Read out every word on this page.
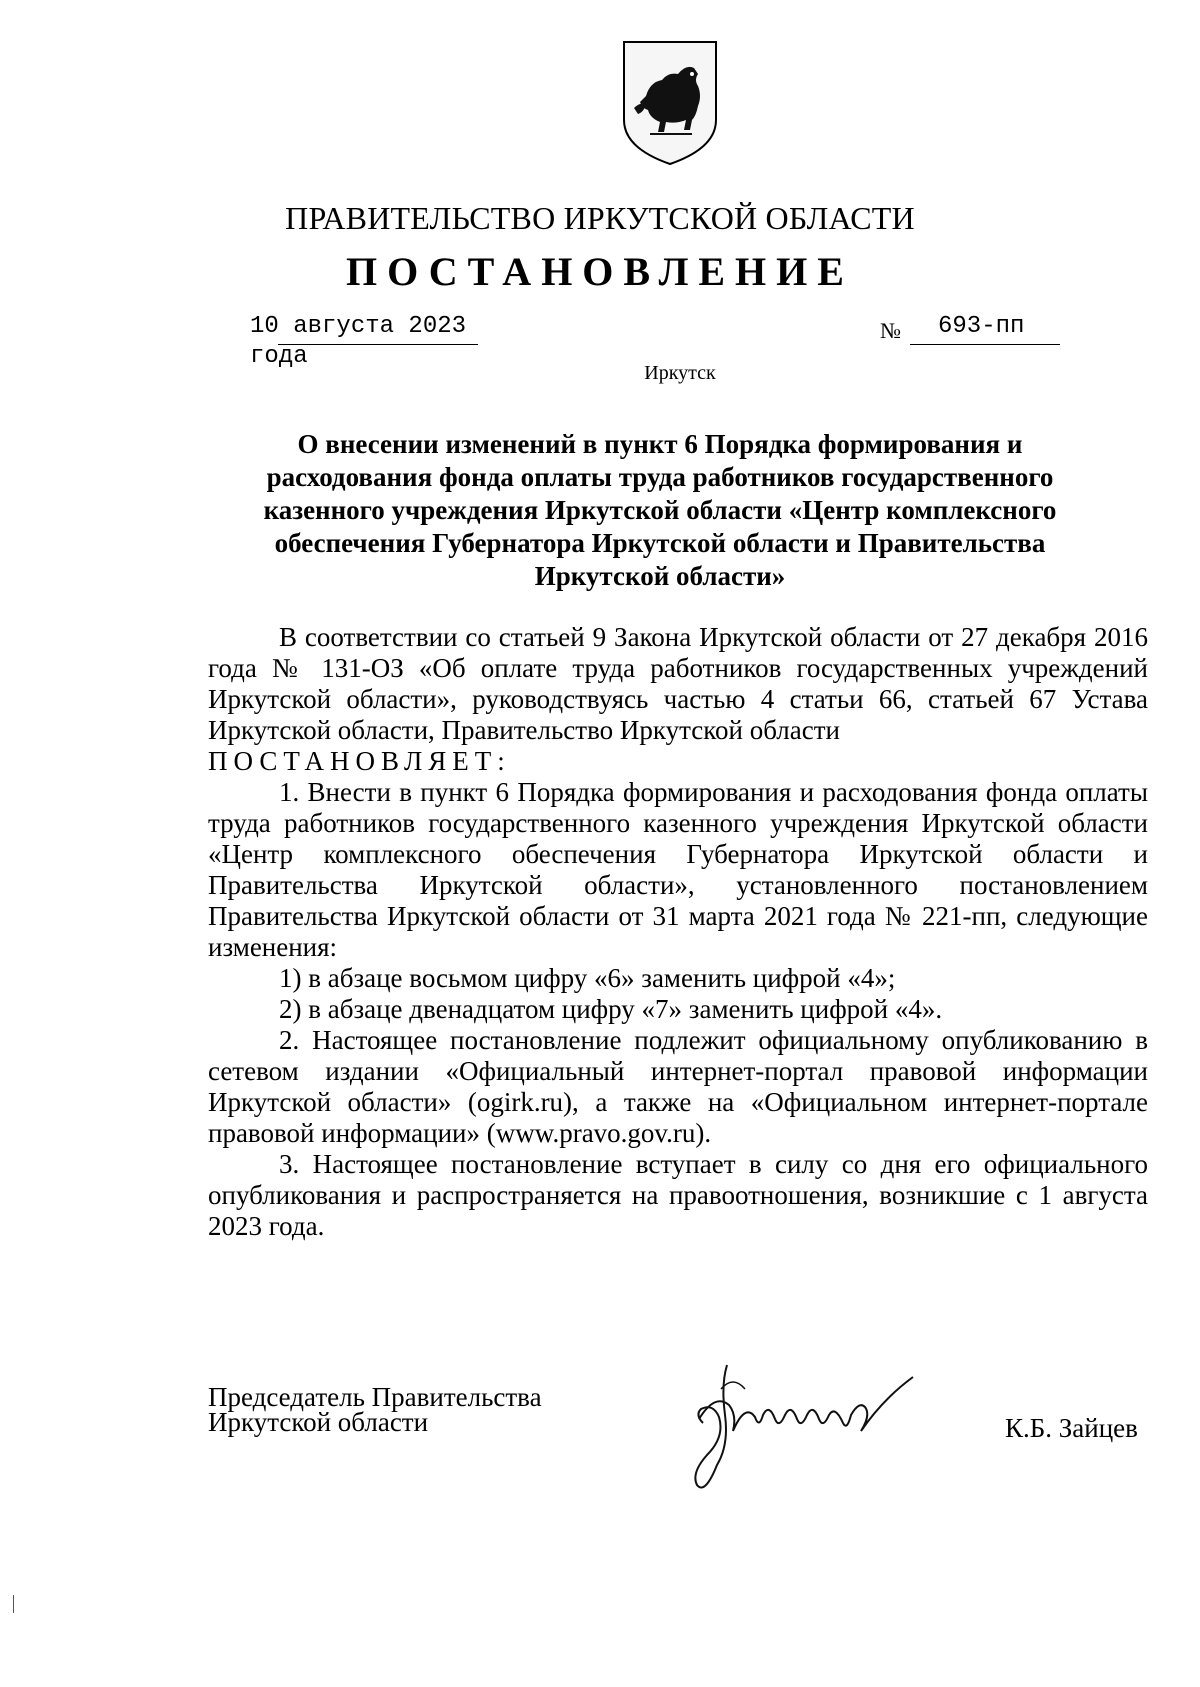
ПРАВИТЕЛЬСТВО ИРКУТСКОЙ ОБЛАСТИ
ПОСТАНОВЛЕНИЕ
10 августа 2023 года
№ 693-пп
Иркутск
О внесении изменений в пункт 6 Порядка формирования и расходования фонда оплаты труда работников государственного казенного учреждения Иркутской области «Центр комплексного обеспечения Губернатора Иркутской области и Правительства Иркутской области»

В соответствии со статьей 9 Закона Иркутской области от 27 декабря 2016 года № 131-ОЗ «Об оплате труда работников государственных учреждений Иркутской области», руководствуясь частью 4 статьи 66, статьей 67 Устава Иркутской области, Правительство Иркутской области

ПОСТАНОВЛЯЕТ:

1. Внести в пункт 6 Порядка формирования и расходования фонда оплаты труда работников государственного казенного учреждения Иркутской области «Центр комплексного обеспечения Губернатора Иркутской области и Правительства Иркутской области», установленного постановлением Правительства Иркутской области от 31 марта 2021 года № 221-пп, следующие изменения:

1) в абзаце восьмом цифру «6» заменить цифрой «4»;

2) в абзаце двенадцатом цифру «7» заменить цифрой «4».

2. Настоящее постановление подлежит официальному опубликованию в сетевом издании «Официальный интернет-портал правовой информации Иркутской области» (ogirk.ru), а также на «Официальном интернет-портале правовой информации» (www.pravo.gov.ru).

3. Настоящее постановление вступает в силу со дня его официального опубликования и распространяется на правоотношения, возникшие с 1 августа 2023 года.

Председатель Правительства
Иркутской области	К.Б. Зайцев
